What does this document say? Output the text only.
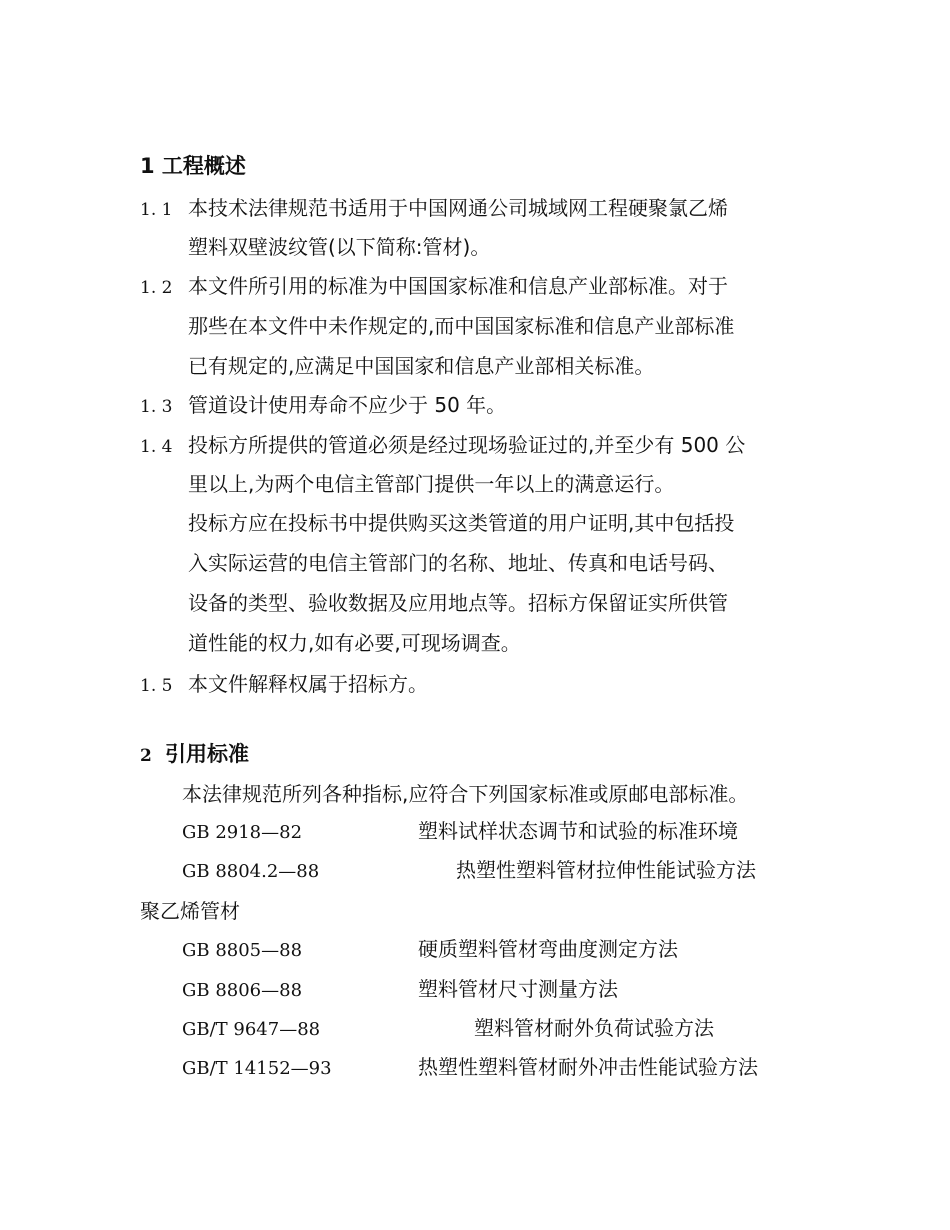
1 工程概述
1. 1 本技术法律规范书适用于中国网通公司城域网工程硬聚氯乙烯
塑料双壁波纹管(以下简称:管材)。
1. 2 本文件所引用的标准为中国国家标准和信息产业部标准。对于
那些在本文件中未作规定的,而中国国家标准和信息产业部标准
已有规定的,应满足中国国家和信息产业部相关标准。
1. 3 管道设计使用寿命不应少于 50 年。
1. 4 投标方所提供的管道必须是经过现场验证过的,并至少有 500 公
里以上,为两个电信主管部门提供一年以上的满意运行。
投标方应在投标书中提供购买这类管道的用户证明,其中包括投
入实际运营的电信主管部门的名称、地址、传真和电话号码、
设备的类型、验收数据及应用地点等。招标方保留证实所供管
道性能的权力,如有必要,可现场调查。
1. 5 本文件解释权属于招标方。
2 引用标准
本法律规范所列各种指标,应符合下列国家标准或原邮电部标准。
GB 2918—82	塑料试样状态调节和试验的标准环境
GB 8804.2—88	热塑性塑料管材拉伸性能试验方法
聚乙烯管材
GB 8805—88	硬质塑料管材弯曲度测定方法
GB 8806—88	塑料管材尺寸测量方法
GB/T 9647—88	塑料管材耐外负荷试验方法
GB/T 14152—93	热塑性塑料管材耐外冲击性能试验方法
